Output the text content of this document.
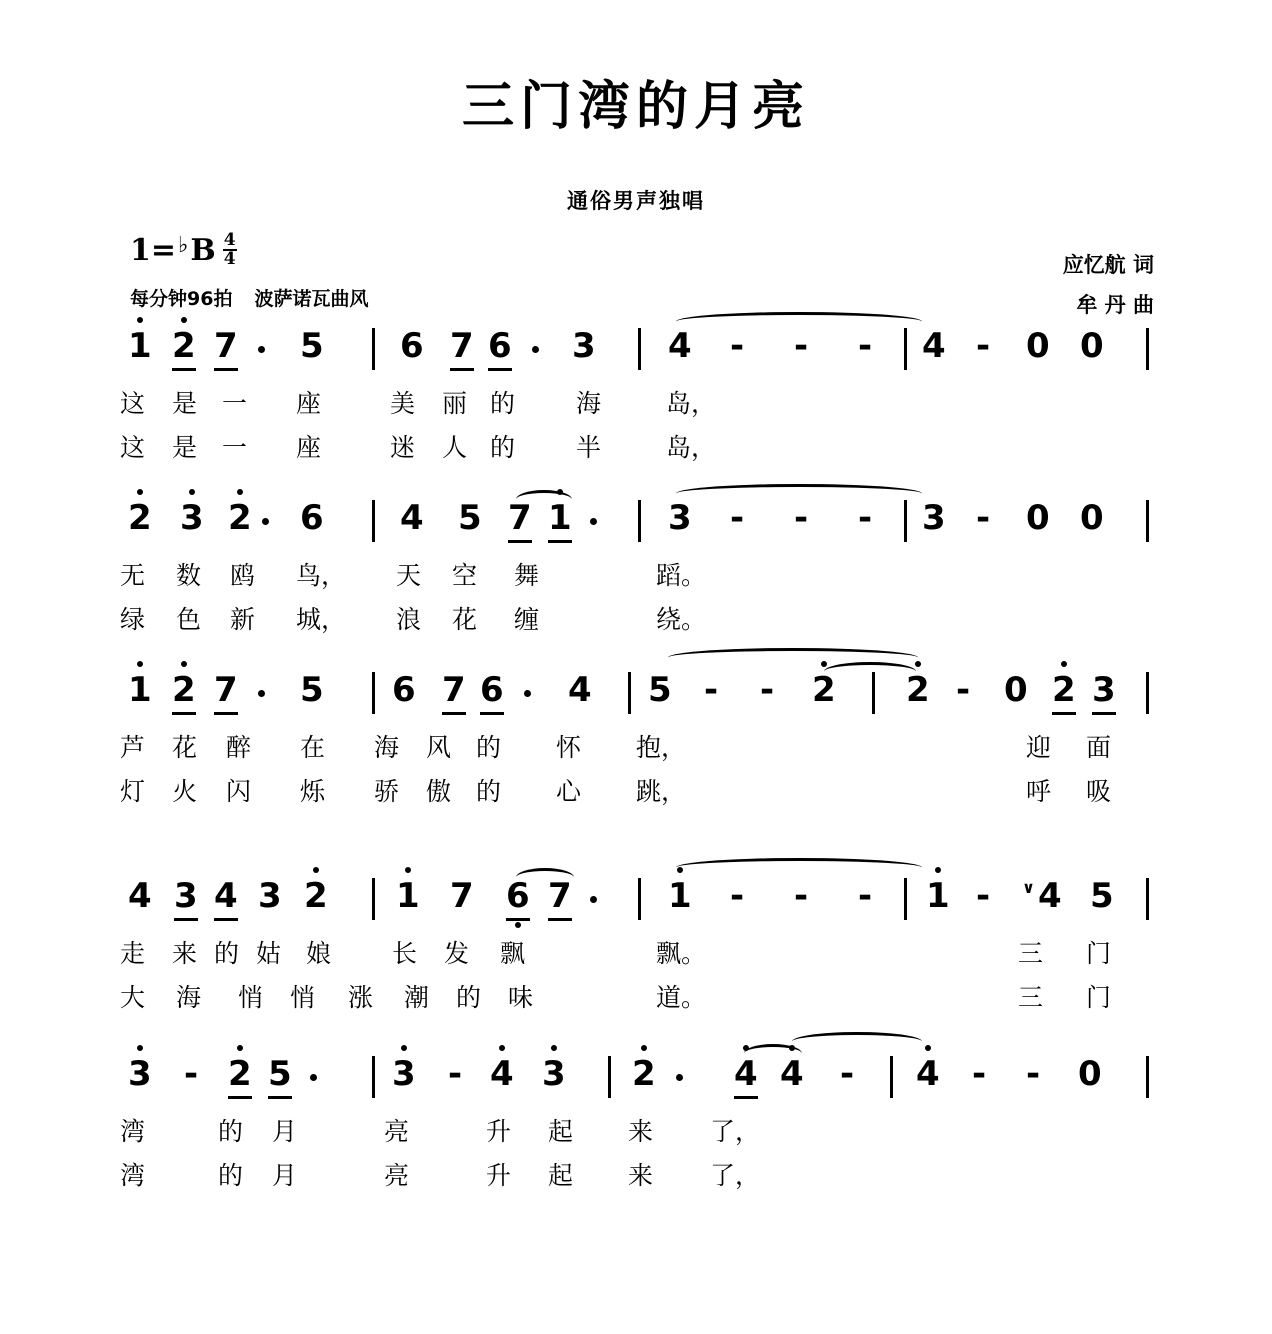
三门湾的月亮
1= ♭ B $\frac{4}{4}$
每分钟96拍 波萨诺瓦曲风
通俗男声独唱
应忆航 词
牟 丹 曲
1 2 7 5 6 7 6 3 4 - - - 4 - 0 0
这 是 一 座	美 丽 的 海	岛，
这 是 一 座	迷 人 的 半	岛，
2 3 2 6 4 5 7 1	3 - - - 3 - 0 0
无 数 鸥 鸟， 天 空 舞	蹈。
绿 色 新 城， 浪 花 缠	绕。
1 2 7 5 6 7 6 4 5 - - 2 2 - 0 2 3
芦 花 醉 在 海 风 的 怀 抱，	迎 面
灯 火 闪 烁 骄 傲 的 心 跳，	呼 吸
4 3 4 3 2 1 7 6 7	1 - - - 1 - ∨ 4 5
走 来 的 姑 娘 长 发 飘	飘。	三 门
大 海 悄 悄 涨 潮 的 味	道。	三 门
3 - 2 5	3 - 4 3 2 4 4 - 4 - - 0
湾	的 月	亮	升 起 来 了，
湾	的 月	亮	升 起 来 了，
